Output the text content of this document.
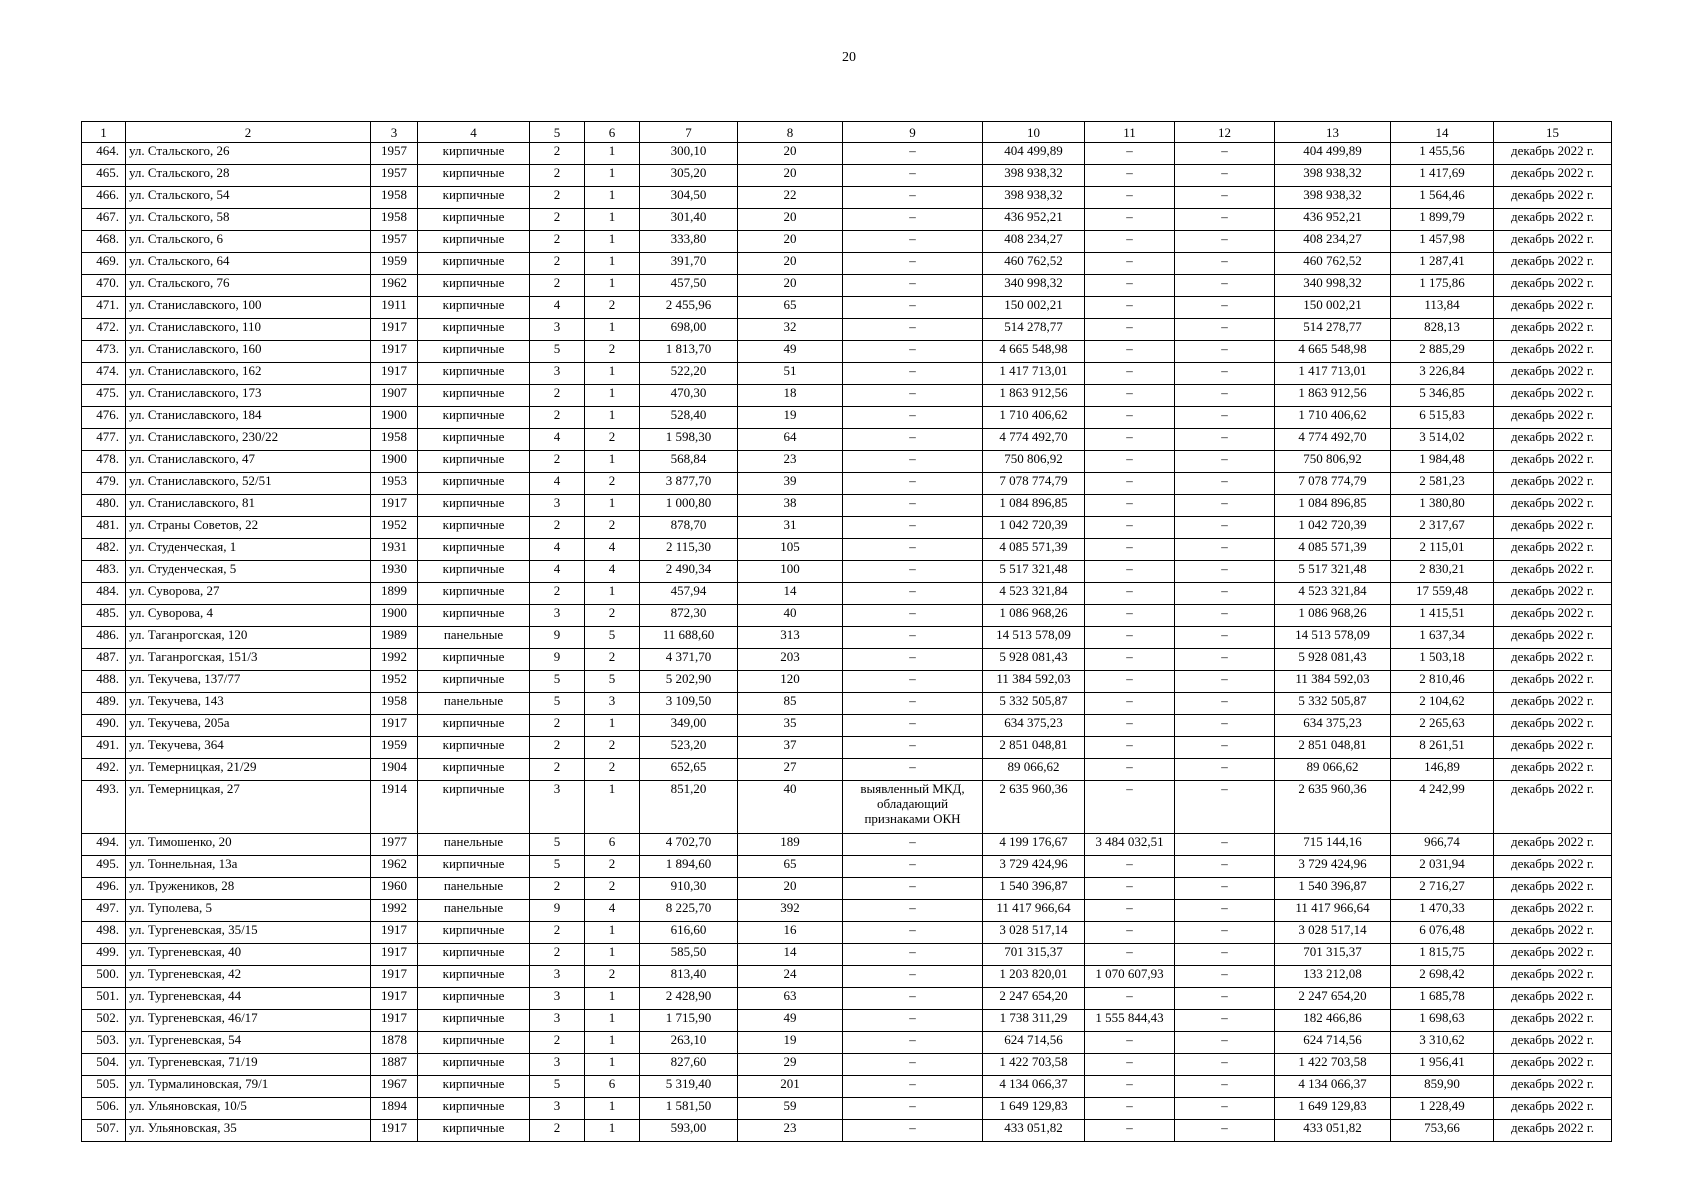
20
1	2	3	4	5	6	7	8	9	10	11	12	13	14	15
464.	ул. Стальского, 26	1957	кирпичные	2	1	300,10	20	–	404 499,89	–	–	404 499,89	1 455,56	декабрь 2022 г.
465.	ул. Стальского, 28	1957	кирпичные	2	1	305,20	20	–	398 938,32	–	–	398 938,32	1 417,69	декабрь 2022 г.
466.	ул. Стальского, 54	1958	кирпичные	2	1	304,50	22	–	398 938,32	–	–	398 938,32	1 564,46	декабрь 2022 г.
467.	ул. Стальского, 58	1958	кирпичные	2	1	301,40	20	–	436 952,21	–	–	436 952,21	1 899,79	декабрь 2022 г.
468.	ул. Стальского, 6	1957	кирпичные	2	1	333,80	20	–	408 234,27	–	–	408 234,27	1 457,98	декабрь 2022 г.
469.	ул. Стальского, 64	1959	кирпичные	2	1	391,70	20	–	460 762,52	–	–	460 762,52	1 287,41	декабрь 2022 г.
470.	ул. Стальского, 76	1962	кирпичные	2	1	457,50	20	–	340 998,32	–	–	340 998,32	1 175,86	декабрь 2022 г.
471.	ул. Станиславского, 100	1911	кирпичные	4	2	2 455,96	65	–	150 002,21	–	–	150 002,21	113,84	декабрь 2022 г.
472.	ул. Станиславского, 110	1917	кирпичные	3	1	698,00	32	–	514 278,77	–	–	514 278,77	828,13	декабрь 2022 г.
473.	ул. Станиславского, 160	1917	кирпичные	5	2	1 813,70	49	–	4 665 548,98	–	–	4 665 548,98	2 885,29	декабрь 2022 г.
474.	ул. Станиславского, 162	1917	кирпичные	3	1	522,20	51	–	1 417 713,01	–	–	1 417 713,01	3 226,84	декабрь 2022 г.
475.	ул. Станиславского, 173	1907	кирпичные	2	1	470,30	18	–	1 863 912,56	–	–	1 863 912,56	5 346,85	декабрь 2022 г.
476.	ул. Станиславского, 184	1900	кирпичные	2	1	528,40	19	–	1 710 406,62	–	–	1 710 406,62	6 515,83	декабрь 2022 г.
477.	ул. Станиславского, 230/22	1958	кирпичные	4	2	1 598,30	64	–	4 774 492,70	–	–	4 774 492,70	3 514,02	декабрь 2022 г.
478.	ул. Станиславского, 47	1900	кирпичные	2	1	568,84	23	–	750 806,92	–	–	750 806,92	1 984,48	декабрь 2022 г.
479.	ул. Станиславского, 52/51	1953	кирпичные	4	2	3 877,70	39	–	7 078 774,79	–	–	7 078 774,79	2 581,23	декабрь 2022 г.
480.	ул. Станиславского, 81	1917	кирпичные	3	1	1 000,80	38	–	1 084 896,85	–	–	1 084 896,85	1 380,80	декабрь 2022 г.
481.	ул. Страны Советов, 22	1952	кирпичные	2	2	878,70	31	–	1 042 720,39	–	–	1 042 720,39	2 317,67	декабрь 2022 г.
482.	ул. Студенческая, 1	1931	кирпичные	4	4	2 115,30	105	–	4 085 571,39	–	–	4 085 571,39	2 115,01	декабрь 2022 г.
483.	ул. Студенческая, 5	1930	кирпичные	4	4	2 490,34	100	–	5 517 321,48	–	–	5 517 321,48	2 830,21	декабрь 2022 г.
484.	ул. Суворова, 27	1899	кирпичные	2	1	457,94	14	–	4 523 321,84	–	–	4 523 321,84	17 559,48	декабрь 2022 г.
485.	ул. Суворова, 4	1900	кирпичные	3	2	872,30	40	–	1 086 968,26	–	–	1 086 968,26	1 415,51	декабрь 2022 г.
486.	ул. Таганрогская, 120	1989	панельные	9	5	11 688,60	313	–	14 513 578,09	–	–	14 513 578,09	1 637,34	декабрь 2022 г.
487.	ул. Таганрогская, 151/3	1992	кирпичные	9	2	4 371,70	203	–	5 928 081,43	–	–	5 928 081,43	1 503,18	декабрь 2022 г.
488.	ул. Текучева, 137/77	1952	кирпичные	5	5	5 202,90	120	–	11 384 592,03	–	–	11 384 592,03	2 810,46	декабрь 2022 г.
489.	ул. Текучева, 143	1958	панельные	5	3	3 109,50	85	–	5 332 505,87	–	–	5 332 505,87	2 104,62	декабрь 2022 г.
490.	ул. Текучева, 205а	1917	кирпичные	2	1	349,00	35	–	634 375,23	–	–	634 375,23	2 265,63	декабрь 2022 г.
491.	ул. Текучева, 364	1959	кирпичные	2	2	523,20	37	–	2 851 048,81	–	–	2 851 048,81	8 261,51	декабрь 2022 г.
492.	ул. Темерницкая, 21/29	1904	кирпичные	2	2	652,65	27	–	89 066,62	–	–	89 066,62	146,89	декабрь 2022 г.
493.	ул. Темерницкая, 27	1914	кирпичные	3	1	851,20	40	выявленный МКД, обладающий признаками ОКН	2 635 960,36	–	–	2 635 960,36	4 242,99	декабрь 2022 г.
494.	ул. Тимошенко, 20	1977	панельные	5	6	4 702,70	189	–	4 199 176,67	3 484 032,51	–	715 144,16	966,74	декабрь 2022 г.
495.	ул. Тоннельная, 13а	1962	кирпичные	5	2	1 894,60	65	–	3 729 424,96	–	–	3 729 424,96	2 031,94	декабрь 2022 г.
496.	ул. Тружеников, 28	1960	панельные	2	2	910,30	20	–	1 540 396,87	–	–	1 540 396,87	2 716,27	декабрь 2022 г.
497.	ул. Туполева, 5	1992	панельные	9	4	8 225,70	392	–	11 417 966,64	–	–	11 417 966,64	1 470,33	декабрь 2022 г.
498.	ул. Тургеневская, 35/15	1917	кирпичные	2	1	616,60	16	–	3 028 517,14	–	–	3 028 517,14	6 076,48	декабрь 2022 г.
499.	ул. Тургеневская, 40	1917	кирпичные	2	1	585,50	14	–	701 315,37	–	–	701 315,37	1 815,75	декабрь 2022 г.
500.	ул. Тургеневская, 42	1917	кирпичные	3	2	813,40	24	–	1 203 820,01	1 070 607,93	–	133 212,08	2 698,42	декабрь 2022 г.
501.	ул. Тургеневская, 44	1917	кирпичные	3	1	2 428,90	63	–	2 247 654,20	–	–	2 247 654,20	1 685,78	декабрь 2022 г.
502.	ул. Тургеневская, 46/17	1917	кирпичные	3	1	1 715,90	49	–	1 738 311,29	1 555 844,43	–	182 466,86	1 698,63	декабрь 2022 г.
503.	ул. Тургеневская, 54	1878	кирпичные	2	1	263,10	19	–	624 714,56	–	–	624 714,56	3 310,62	декабрь 2022 г.
504.	ул. Тургеневская, 71/19	1887	кирпичные	3	1	827,60	29	–	1 422 703,58	–	–	1 422 703,58	1 956,41	декабрь 2022 г.
505.	ул. Турмалиновская, 79/1	1967	кирпичные	5	6	5 319,40	201	–	4 134 066,37	–	–	4 134 066,37	859,90	декабрь 2022 г.
506.	ул. Ульяновская, 10/5	1894	кирпичные	3	1	1 581,50	59	–	1 649 129,83	–	–	1 649 129,83	1 228,49	декабрь 2022 г.
507.	ул. Ульяновская, 35	1917	кирпичные	2	1	593,00	23	–	433 051,82	–	–	433 051,82	753,66	декабрь 2022 г.
